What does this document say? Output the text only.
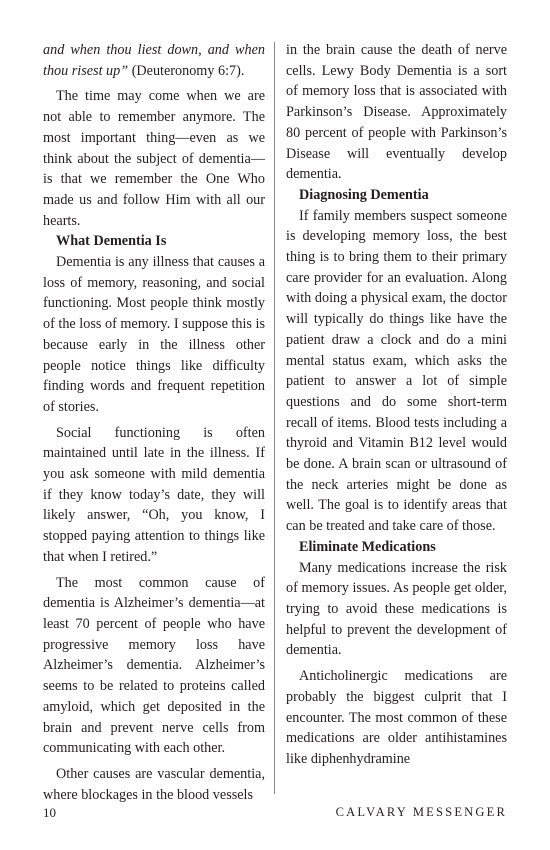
and when thou liest down, and when thou risest up” (Deuteronomy 6:7).

The time may come when we are not able to remember anymore. The most important thing—even as we think about the subject of dementia—is that we remember the One Who made us and follow Him with all our hearts.

What Dementia Is

Dementia is any illness that causes a loss of memory, reasoning, and social functioning. Most people think mostly of the loss of memory. I suppose this is because early in the illness other people notice things like difficulty finding words and frequent repetition of stories.

Social functioning is often maintained until late in the illness. If you ask someone with mild dementia if they know today’s date, they will likely answer, “Oh, you know, I stopped paying attention to things like that when I retired.”

The most common cause of dementia is Alzheimer’s dementia—at least 70 percent of people who have progressive memory loss have Alzheimer’s dementia. Alzheimer’s seems to be related to proteins called amyloid, which get deposited in the brain and prevent nerve cells from communicating with each other.

Other causes are vascular dementia, where blockages in the blood vessels

in the brain cause the death of nerve cells. Lewy Body Dementia is a sort of memory loss that is associated with Parkinson’s Disease. Approximately 80 percent of people with Parkinson’s Disease will eventually develop dementia.

Diagnosing Dementia

If family members suspect someone is developing memory loss, the best thing is to bring them to their primary care provider for an evaluation. Along with doing a physical exam, the doctor will typically do things like have the patient draw a clock and do a mini mental status exam, which asks the patient to answer a lot of simple questions and do some short-term recall of items. Blood tests including a thyroid and Vitamin B12 level would be done. A brain scan or ultrasound of the neck arteries might be done as well. The goal is to identify areas that can be treated and take care of those.

Eliminate Medications

Many medications increase the risk of memory issues. As people get older, trying to avoid these medications is helpful to prevent the development of dementia.

Anticholinergic medications are probably the biggest culprit that I encounter. The most common of these medications are older antihistamines like diphenhydramine

10	CALVARY MESSENGER
